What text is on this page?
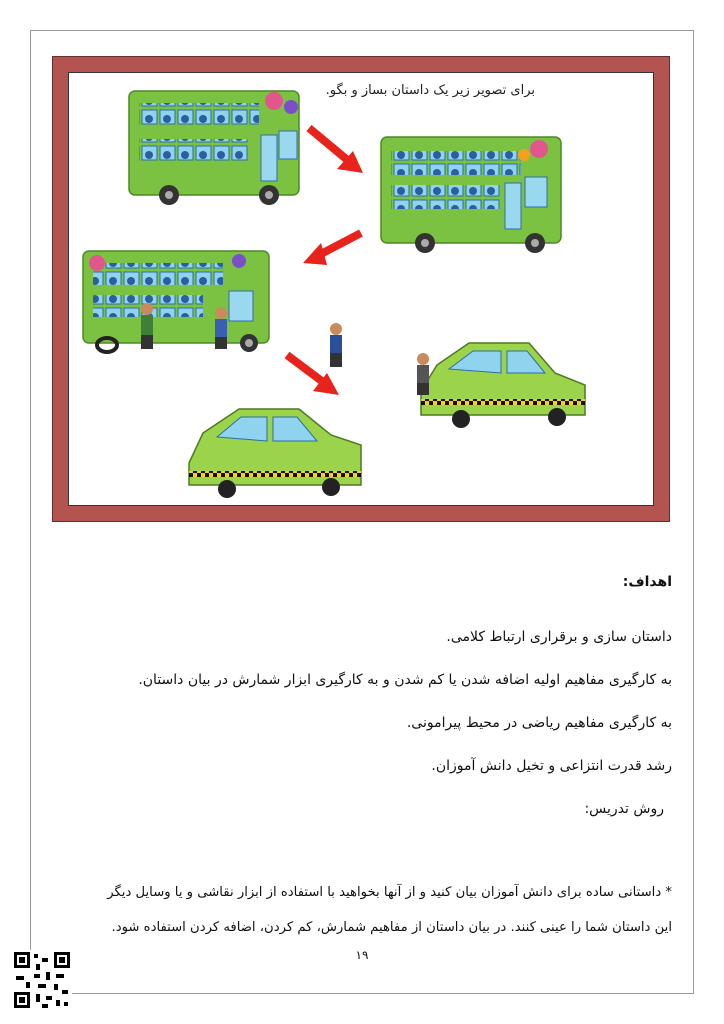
برای تصویر زیر یک داستان بساز و بگو.
اهداف:
داستان سازی و برقراری ارتباط کلامی.
به کارگیری مفاهیم اولیه اضافه شدن یا کم شدن و به کارگیری ابزار شمارش در بیان داستان.
به کارگیری مفاهیم ریاضی در محیط پیرامونی.
رشد قدرت انتزاعی و تخیل دانش آموزان.
روش تدریس:
* داستانی ساده برای دانش آموزان بیان کنید و از آنها بخواهید با استفاده از ابزار نقاشی و یا وسایل دیگر
این داستان شما را عینی کنند. در بیان داستان از مفاهیم شمارش، کم کردن، اضافه کردن استفاده شود.
۱۹
